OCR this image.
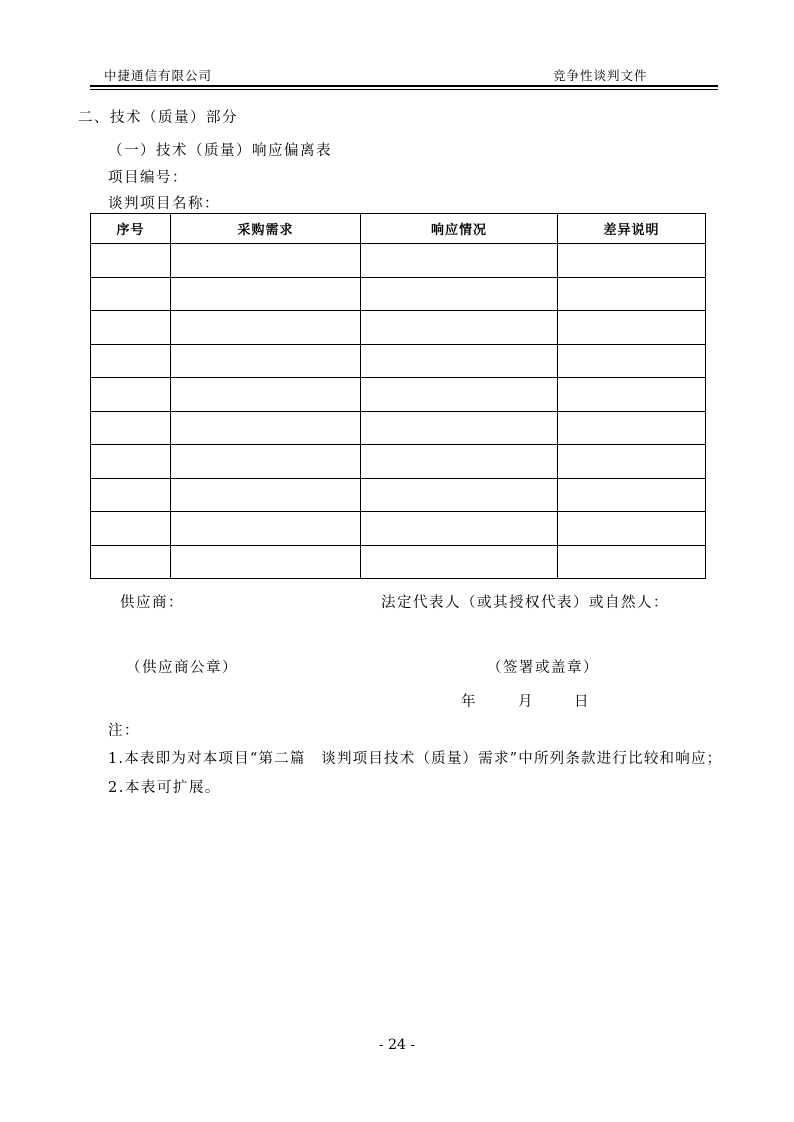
中捷通信有限公司	竞争性谈判文件
二、技术（质量）部分
（一）技术（质量）响应偏离表
项目编号：
谈判项目名称：
序号	采购需求	响应情况	差异说明

供应商：	法定代表人（或其授权代表）或自然人：
（供应商公章）	（签署或盖章）
年	月	日
注：
1.本表即为对本项目“第二篇　谈判项目技术（质量）需求”中所列条款进行比较和响应；
2.本表可扩展。
- 24 -
